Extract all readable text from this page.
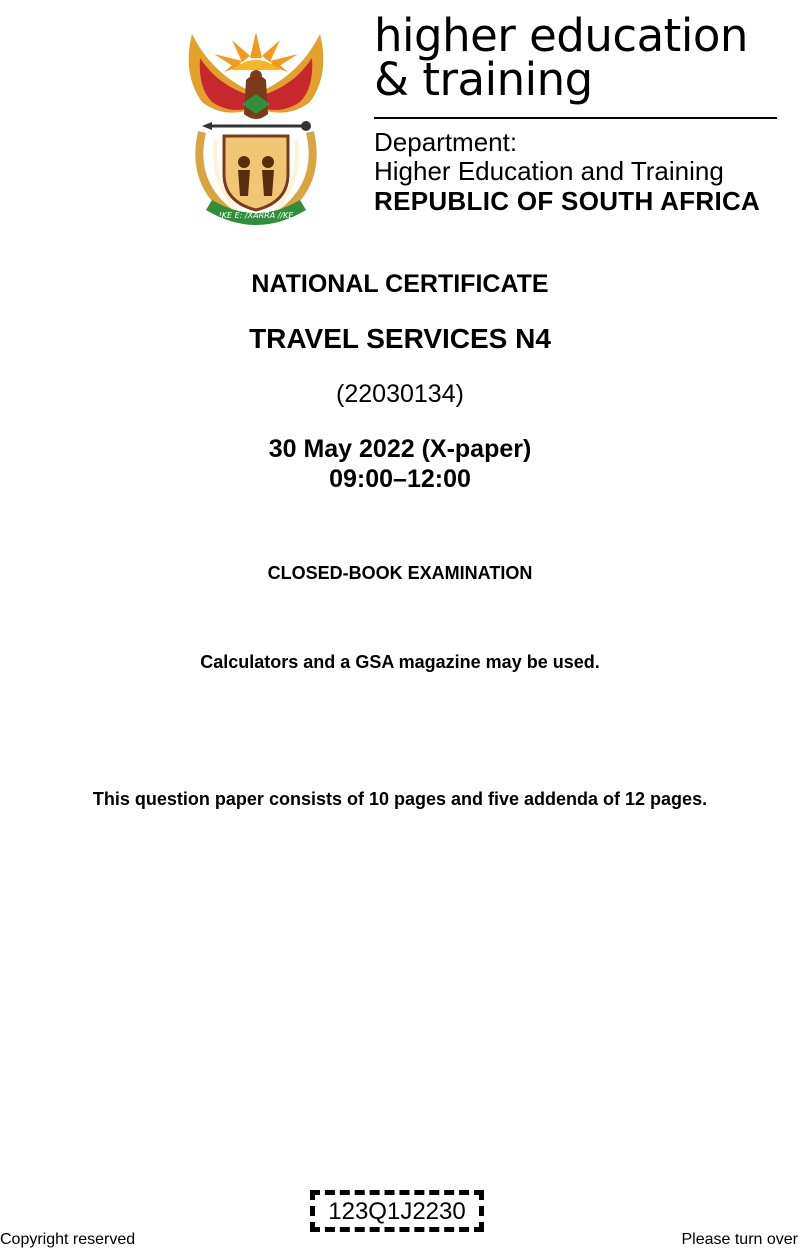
!KE E: /XARRA //KE
higher education
& training
Department:
Higher Education and Training
REPUBLIC OF SOUTH AFRICA
NATIONAL CERTIFICATE
TRAVEL SERVICES N4
(22030134)
30 May 2022 (X-paper)
09:00–12:00
CLOSED-BOOK EXAMINATION
Calculators and a GSA magazine may be used.
This question paper consists of 10 pages and five addenda of 12 pages.
123Q1J2230
Copyright reserved	Please turn over
